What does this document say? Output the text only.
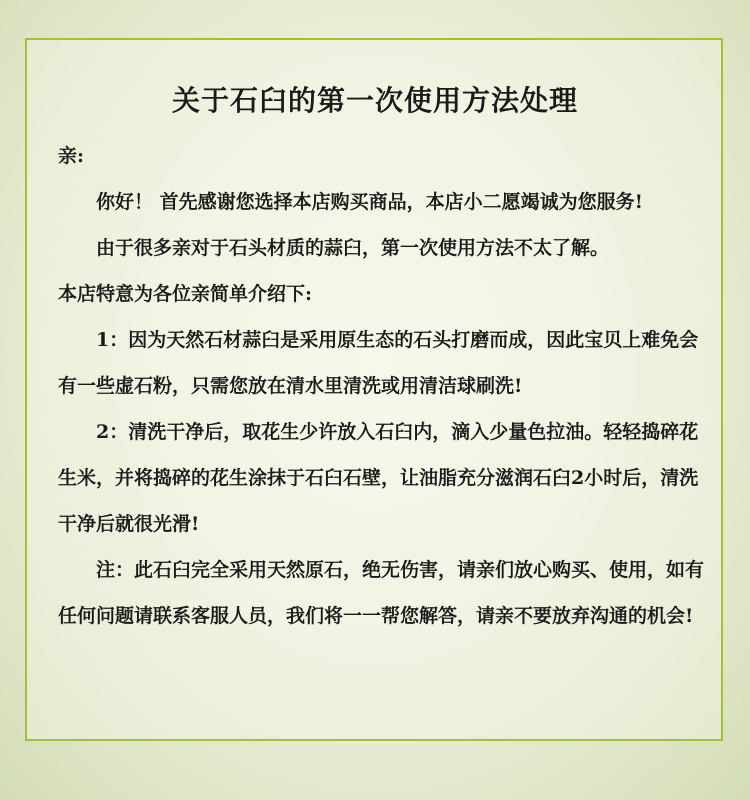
关于石臼的第一次使用方法处理

亲:

你好！ 首先感谢您选择本店购买商品，本店小二愿竭诚为您服务!

由于很多亲对于石头材质的蒜臼，第一次使用方法不太了解。

本店特意为各位亲简单介绍下:

1：因为天然石材蒜臼是采用原生态的石头打磨而成，因此宝贝上难免会有一些虚石粉，只需您放在清水里清洗或用清洁球刷洗!

2：清洗干净后，取花生少许放入石臼内，滴入少量色拉油。轻轻捣碎花生米，并将捣碎的花生涂抹于石臼石壁，让油脂充分滋润石臼2小时后，清洗干净后就很光滑!

注：此石臼完全采用天然原石，绝无伤害，请亲们放心购买、使用，如有任何问题请联系客服人员，我们将一一帮您解答，请亲不要放弃沟通的机会!
